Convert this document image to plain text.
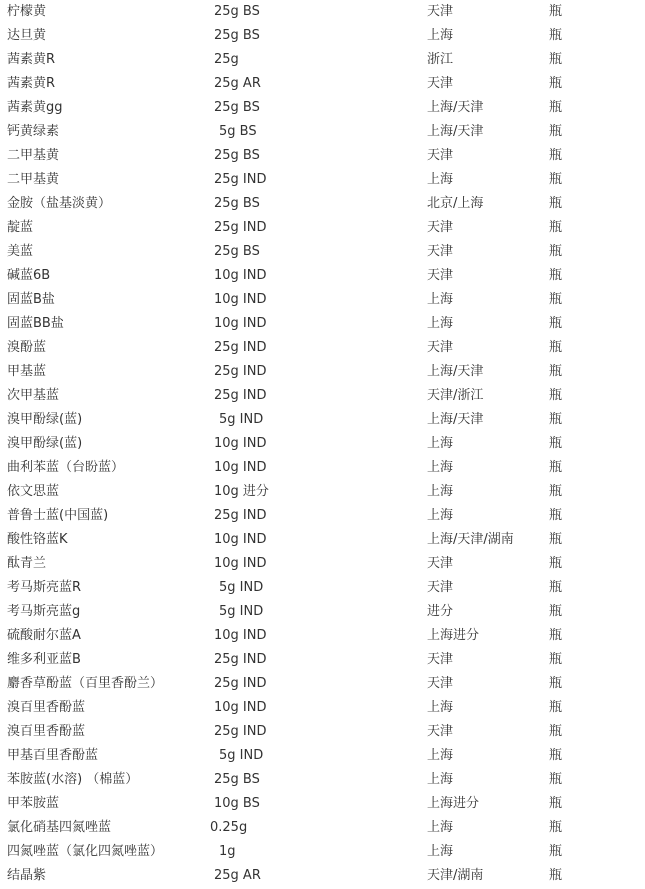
柠檬黄	25g BS	天津	瓶
达旦黄	25g BS	上海	瓶
茜素黄R	25g	浙江	瓶
茜素黄R	25g AR	天津	瓶
茜素黄gg	25g BS	上海/天津	瓶
钙黄绿素	5g BS	上海/天津	瓶
二甲基黄	25g BS	天津	瓶
二甲基黄	25g IND	上海	瓶
金胺（盐基淡黄）	25g BS	北京/上海	瓶
靛蓝	25g IND	天津	瓶
美蓝	25g BS	天津	瓶
碱蓝6B	10g IND	天津	瓶
固蓝B盐	10g IND	上海	瓶
固蓝BB盐	10g IND	上海	瓶
溴酚蓝	25g IND	天津	瓶
甲基蓝	25g IND	上海/天津	瓶
次甲基蓝	25g IND	天津/浙江	瓶
溴甲酚绿(蓝)	5g IND	上海/天津	瓶
溴甲酚绿(蓝)	10g IND	上海	瓶
曲利苯蓝（台盼蓝）	10g IND	上海	瓶
依文思蓝	10g 进分	上海	瓶
普鲁士蓝(中国蓝)	25g IND	上海	瓶
酸性铬蓝K	10g IND	上海/天津/湖南	瓶
酞青兰	10g IND	天津	瓶
考马斯亮蓝R	5g IND	天津	瓶
考马斯亮蓝g	5g IND	进分	瓶
硫酸耐尔蓝A	10g IND	上海进分	瓶
维多利亚蓝B	25g IND	天津	瓶
麝香草酚蓝（百里香酚兰）	25g IND	天津	瓶
溴百里香酚蓝	10g IND	上海	瓶
溴百里香酚蓝	25g IND	天津	瓶
甲基百里香酚蓝	5g IND	上海	瓶
苯胺蓝(水溶) （棉蓝）	25g BS	上海	瓶
甲苯胺蓝	10g BS	上海进分	瓶
氯化硝基四氮唑蓝	0.25g	上海	瓶
四氮唑蓝（氯化四氮唑蓝）	1g	上海	瓶
结晶紫	25g AR	天津/湖南	瓶
